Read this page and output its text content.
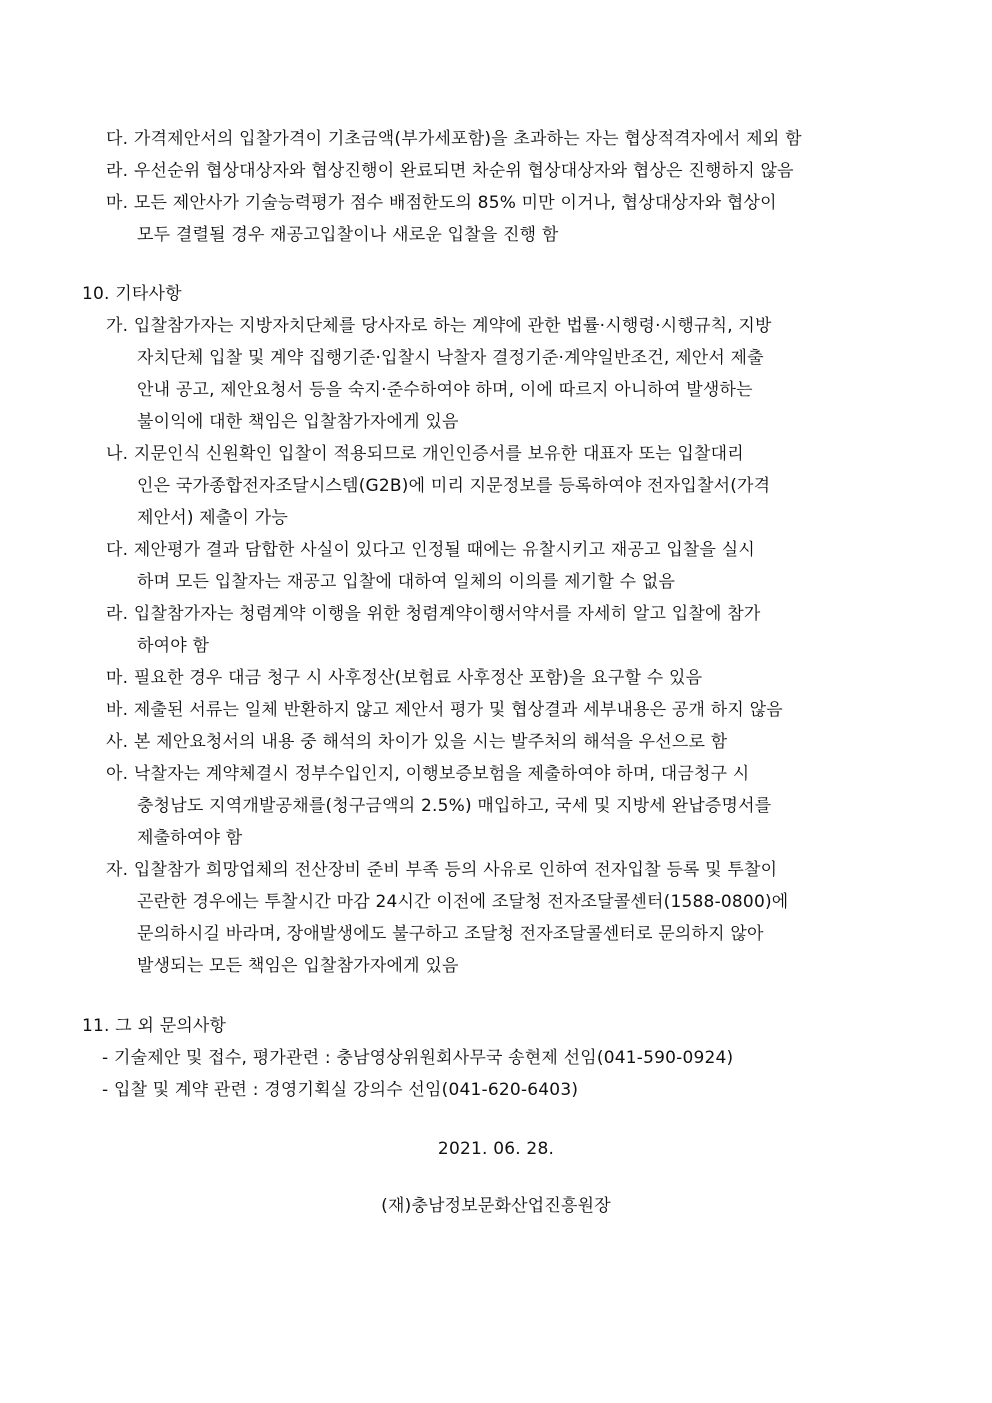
다. 가격제안서의 입찰가격이 기초금액(부가세포함)을 초과하는 자는 협상적격자에서 제외 함
라. 우선순위 협상대상자와 협상진행이 완료되면 차순위 협상대상자와 협상은 진행하지 않음
마. 모든 제안사가 기술능력평가 점수 배점한도의 85% 미만 이거나, 협상대상자와 협상이
모두 결렬될 경우 재공고입찰이나 새로운 입찰을 진행 함
10. 기타사항
가. 입찰참가자는 지방자치단체를 당사자로 하는 계약에 관한 법률·시행령·시행규칙, 지방
자치단체 입찰 및 계약 집행기준·입찰시 낙찰자 결정기준·계약일반조건, 제안서 제출
안내 공고, 제안요청서 등을 숙지·준수하여야 하며, 이에 따르지 아니하여 발생하는
불이익에 대한 책임은 입찰참가자에게 있음
나. 지문인식 신원확인 입찰이 적용되므로 개인인증서를 보유한 대표자 또는 입찰대리
인은 국가종합전자조달시스템(G2B)에 미리 지문정보를 등록하여야 전자입찰서(가격
제안서) 제출이 가능
다. 제안평가 결과 담합한 사실이 있다고 인정될 때에는 유찰시키고 재공고 입찰을 실시
하며 모든 입찰자는 재공고 입찰에 대하여 일체의 이의를 제기할 수 없음
라. 입찰참가자는 청렴계약 이행을 위한 청렴계약이행서약서를 자세히 알고 입찰에 참가
하여야 함
마. 필요한 경우 대금 청구 시 사후정산(보험료 사후정산 포함)을 요구할 수 있음
바. 제출된 서류는 일체 반환하지 않고 제안서 평가 및 협상결과 세부내용은 공개 하지 않음
사. 본 제안요청서의 내용 중 해석의 차이가 있을 시는 발주처의 해석을 우선으로 함
아. 낙찰자는 계약체결시 정부수입인지, 이행보증보험을 제출하여야 하며, 대금청구 시
충청남도 지역개발공채를(청구금액의 2.5%) 매입하고, 국세 및 지방세 완납증명서를
제출하여야 함
자. 입찰참가 희망업체의 전산장비 준비 부족 등의 사유로 인하여 전자입찰 등록 및 투찰이
곤란한 경우에는 투찰시간 마감 24시간 이전에 조달청 전자조달콜센터(1588-0800)에
문의하시길 바라며, 장애발생에도 불구하고 조달청 전자조달콜센터로 문의하지 않아
발생되는 모든 책임은 입찰참가자에게 있음
11. 그 외 문의사항
- 기술제안 및 접수, 평가관련 : 충남영상위원회사무국 송현제 선임(041-590-0924)
- 입찰 및 계약 관련 : 경영기획실 강의수 선임(041-620-6403)
2021. 06. 28.
(재)충남정보문화산업진흥원장
